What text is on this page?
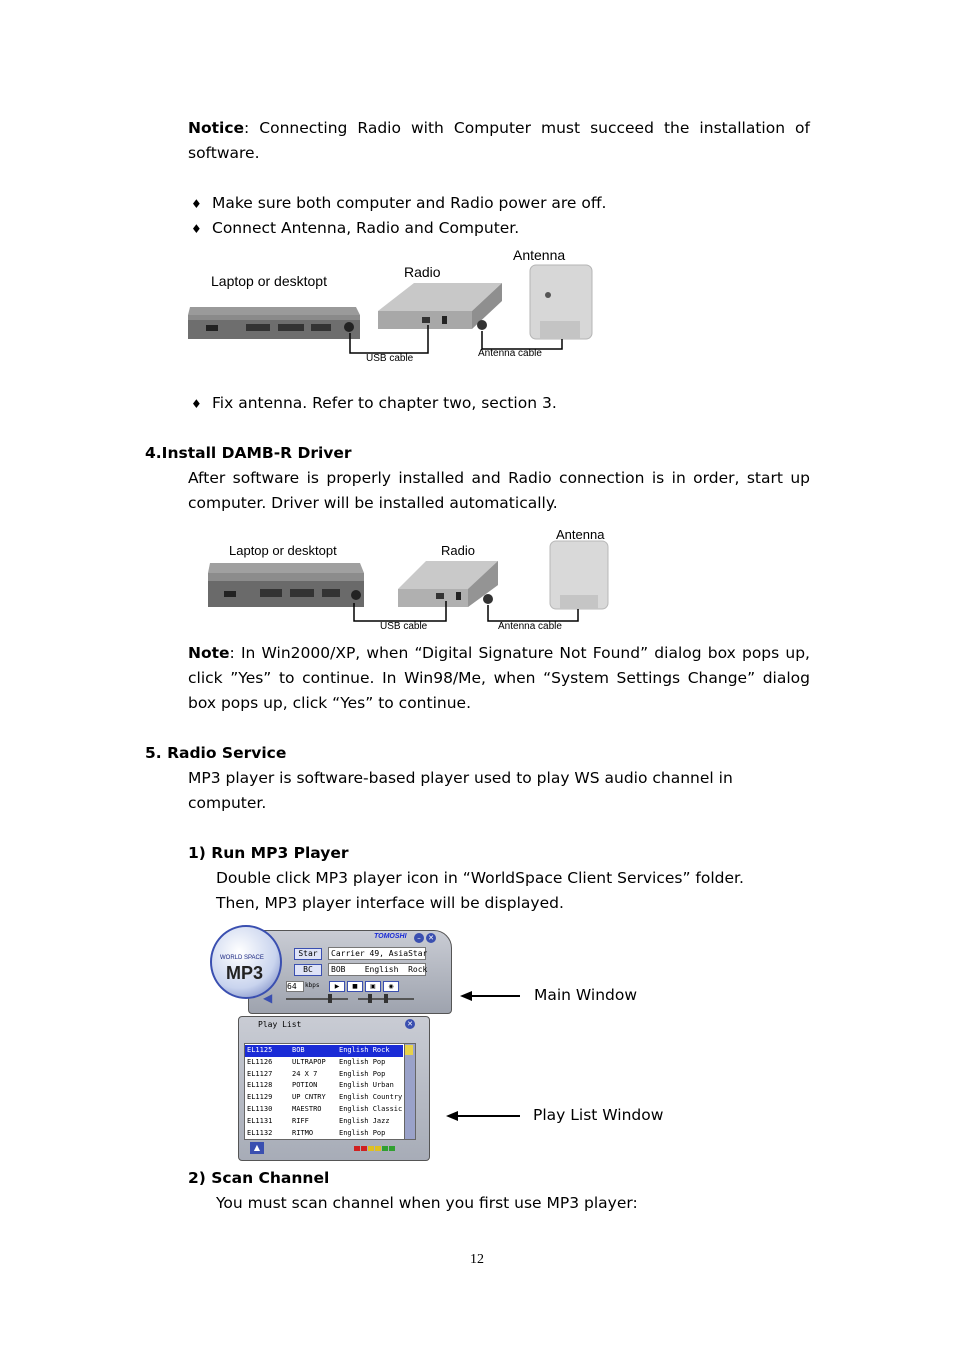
Notice: Connecting Radio with Computer must succeed the installation of software.
♦ Make sure both computer and Radio power are off.
♦ Connect Antenna, Radio and Computer.
Laptop or desktopt
Radio
Antenna
USB cable	Antenna cable
♦ Fix antenna. Refer to chapter two, section 3.
4.Install DAMB-R Driver
After software is properly installed and Radio connection is in order, start up computer. Driver will be installed automatically.
Laptop or desktopt	Radio
Antenna
USB cable	Antenna cable
Note: In Win2000/XP, when “Digital Signature Not Found” dialog box pops up, click ”Yes” to continue. In Win98/Me, when “System Settings Change” dialog box pops up, click “Yes” to continue.
5. Radio Service
MP3 player is software-based player used to play WS audio channel in computer.
1) Run MP3 Player
Double click MP3 player icon in “WorldSpace Client Services” folder.
Then, MP3 player interface will be displayed.
WORLD SPACE
MP3
TOMOSHI	–	✕
Star
BC
Carrier 49, AsiaStar
BOB    English  Rock
64	kbps	▶	■	▣	◉
◀
Play List	✕
EL1125	BOB	English Rock
EL1126	ULTRAPOP English Pop
EL1127	24 X 7	English Pop
EL1128	POTION	English Urban
EL1129	UP CNTRY English Country
EL1130	MAESTRO English Classic
EL1131	RIFF	English Jazz
EL1132	RITMO	English Pop
▲
Main Window
Play List Window
2) Scan Channel
You must scan channel when you first use MP3 player:
12
